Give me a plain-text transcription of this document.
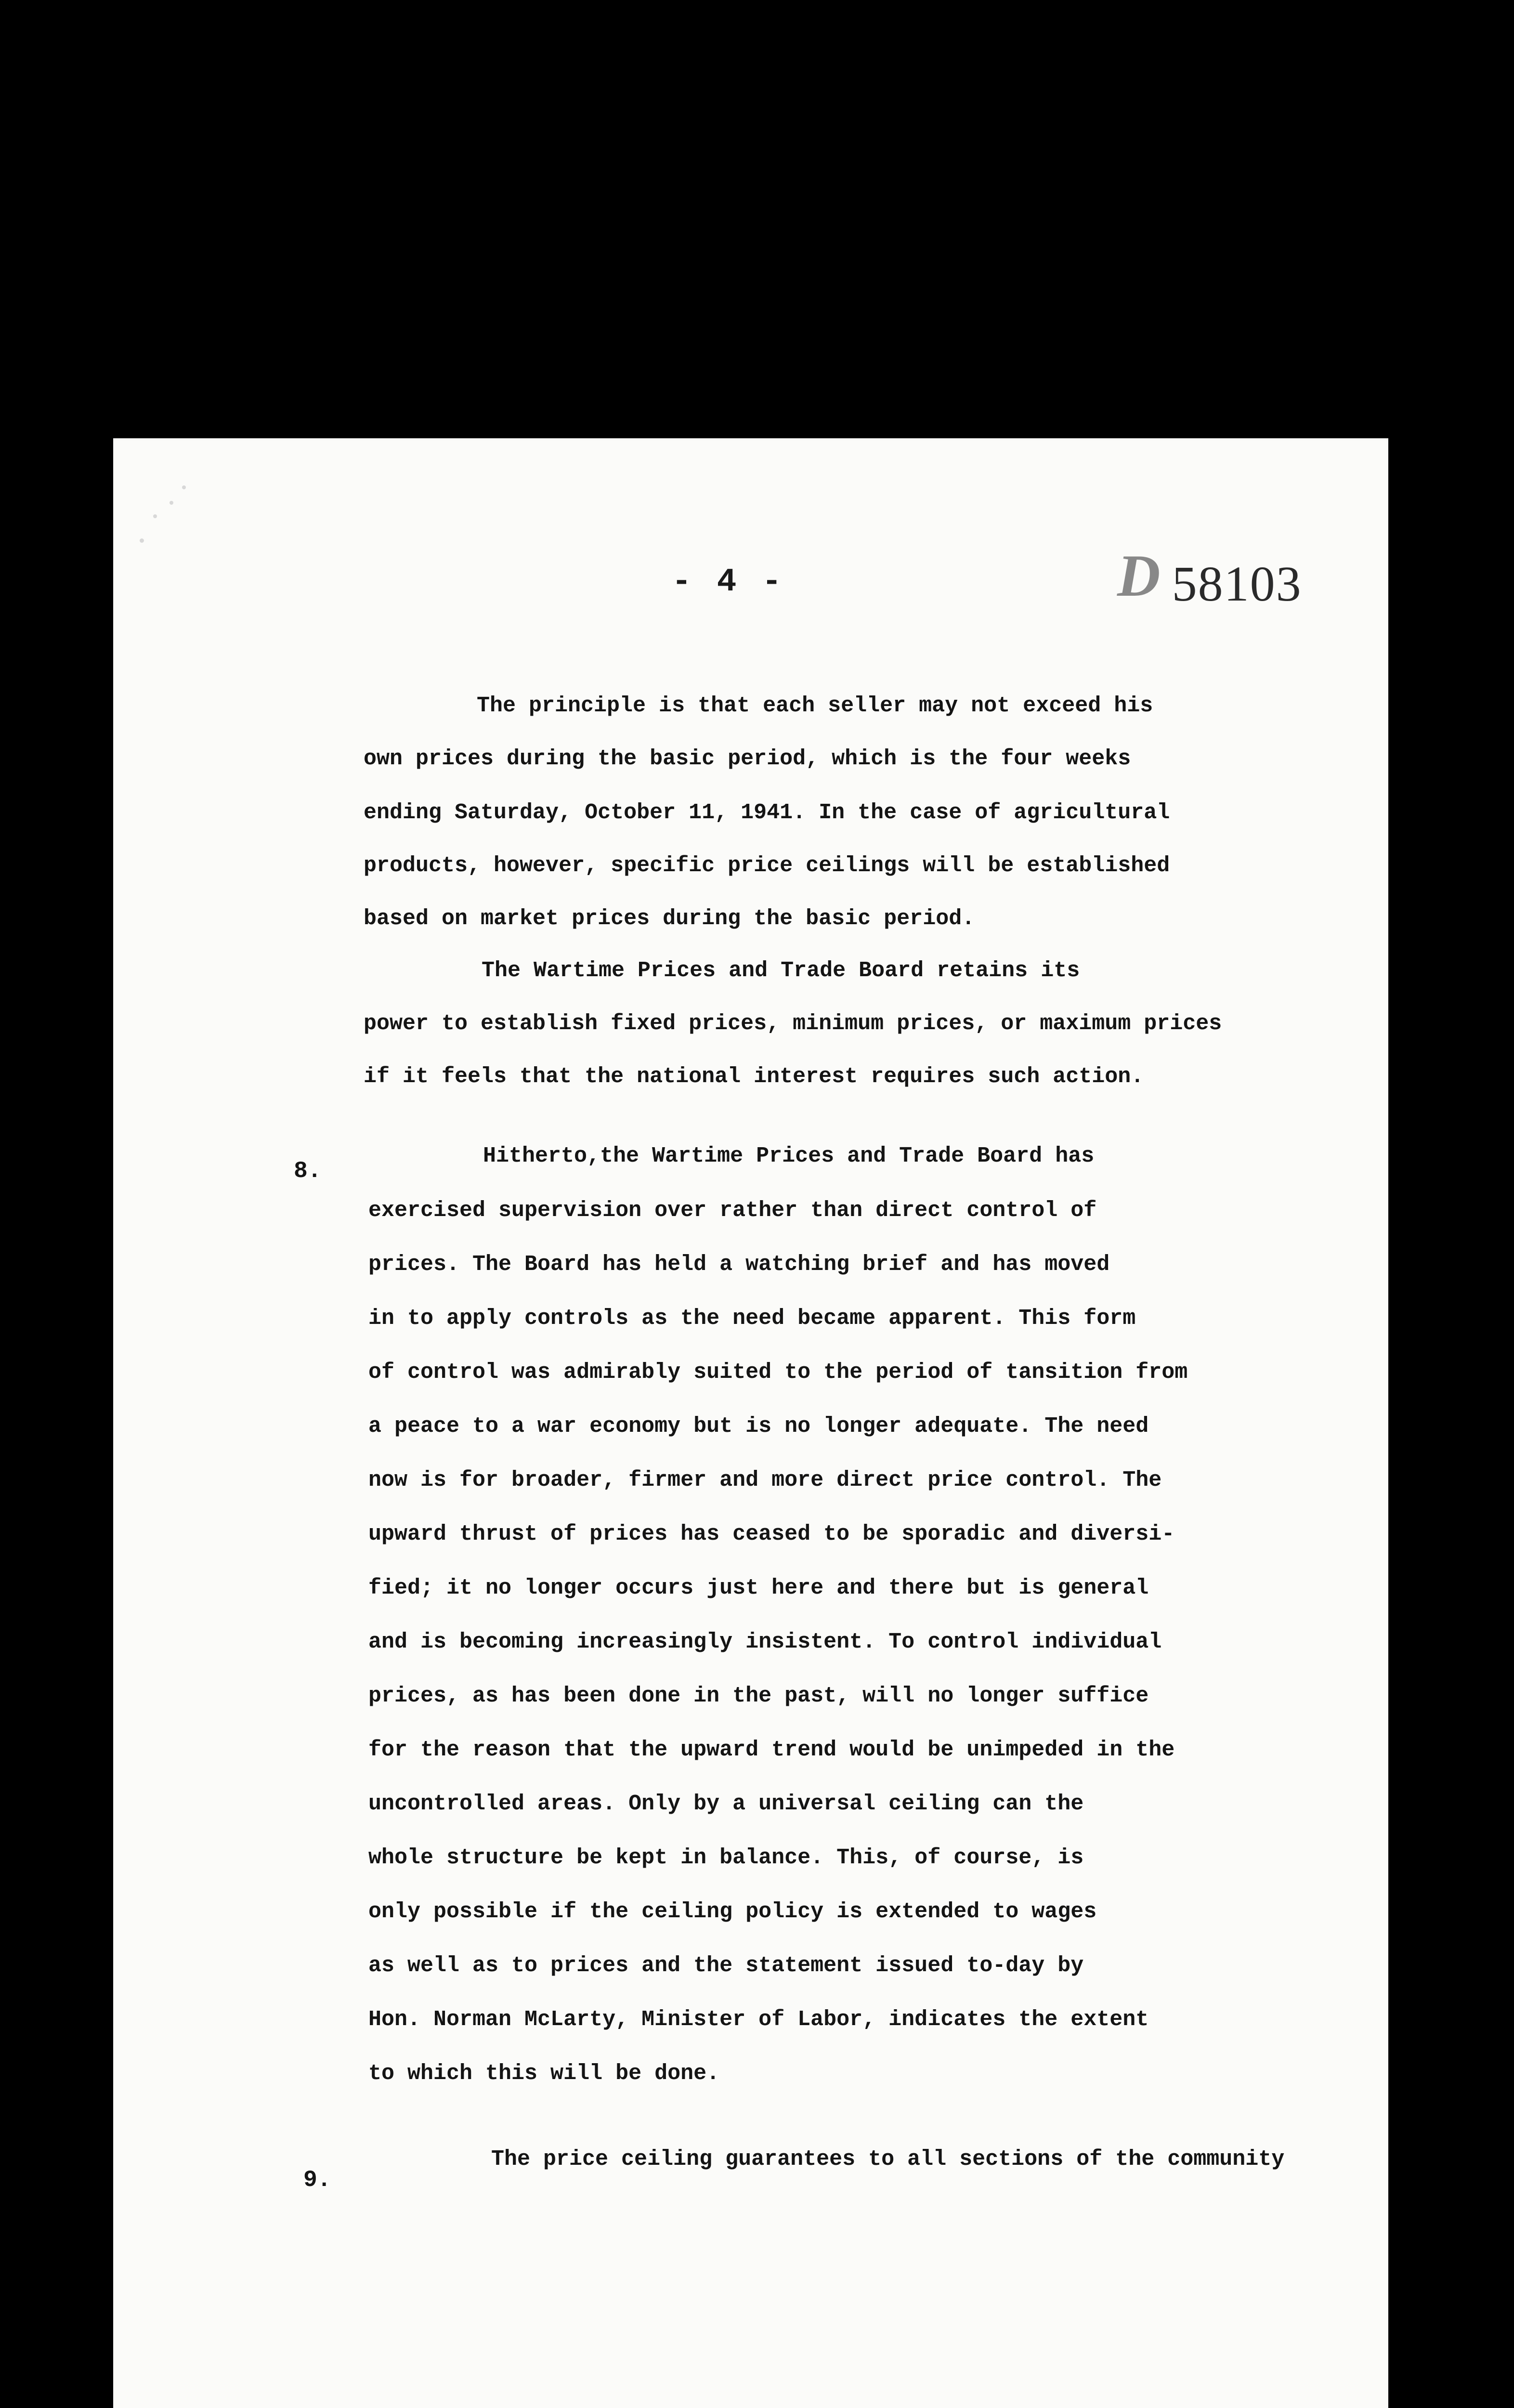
- 4 -	D 58103
The principle is that each seller may not exceed his
own prices during the basic period, which is the four weeks
ending Saturday, October 11, 1941. In the case of agricultural
products, however, specific price ceilings will be established
based on market prices during the basic period.
The Wartime Prices and Trade Board retains its
power to establish fixed prices, minimum prices, or maximum prices
if it feels that the national interest requires such action.
8.
Hitherto,the Wartime Prices and Trade Board has
exercised supervision over rather than direct control of
prices. The Board has held a watching brief and has moved
in to apply controls as the need became apparent. This form
of control was admirably suited to the period of tansition from
a peace to a war economy but is no longer adequate. The need
now is for broader, firmer and more direct price control. The
upward thrust of prices has ceased to be sporadic and diversi-
fied; it no longer occurs just here and there but is general
and is becoming increasingly insistent. To control individual
prices, as has been done in the past, will no longer suffice
for the reason that the upward trend would be unimpeded in the
uncontrolled areas. Only by a universal ceiling can the
whole structure be kept in balance. This, of course, is
only possible if the ceiling policy is extended to wages
as well as to prices and the statement issued to-day by
Hon. Norman McLarty, Minister of Labor, indicates the extent
to which this will be done.
9.
The price ceiling guarantees to all sections of the community
